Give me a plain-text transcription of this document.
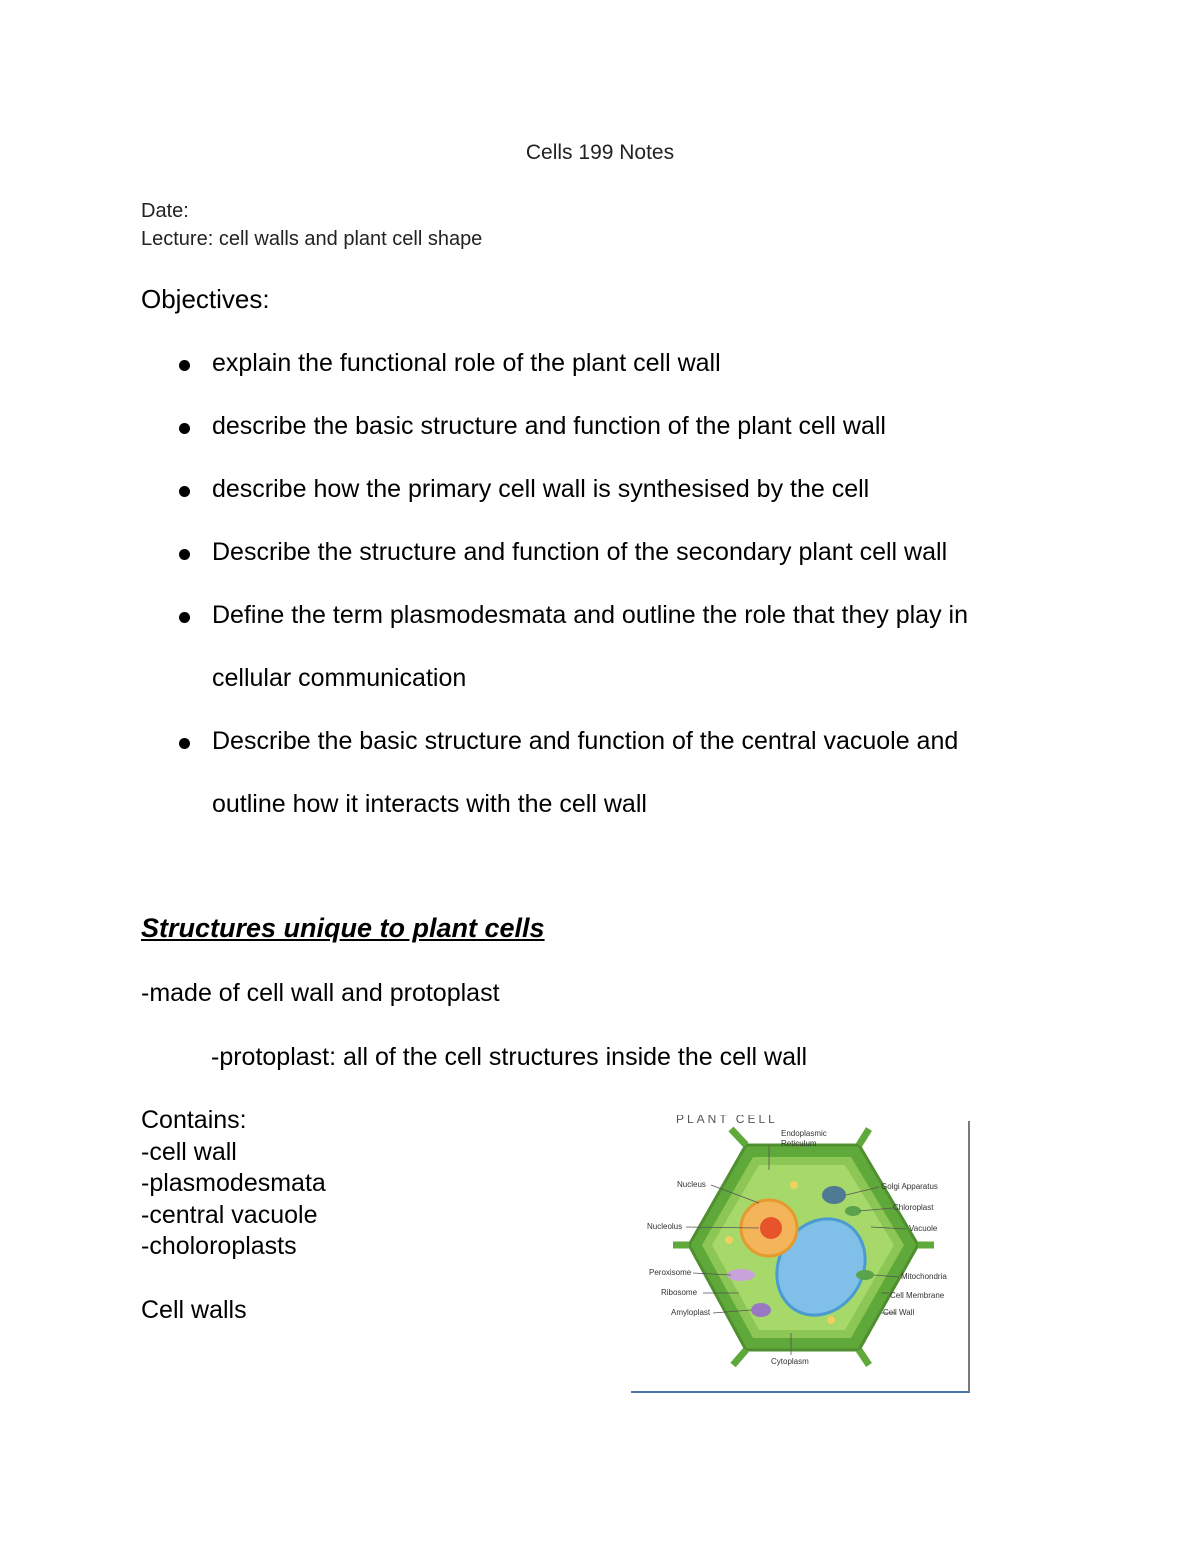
Cells 199 Notes
Date:
Lecture: cell walls and plant cell shape
Objectives:
explain the functional role of the plant cell wall
describe the basic structure and function of the plant cell wall
describe how the primary cell wall is synthesised by the cell
Describe the structure and function of the secondary plant cell wall
Define the term plasmodesmata and outline the role that they play in
cellular communication
Describe the basic structure and function of the central vacuole and
outline how it interacts with the cell wall
Structures unique to plant cells
-made of cell wall and protoplast
-protoplast: all of the cell structures inside the cell wall
Contains:
-cell wall
-plasmodesmata
-central vacuole
-choloroplasts
Cell walls
PLANT CELL
Endoplasmic
Reticulum
Nucleus
Nucleolus
Peroxisome
Ribosome
Amyloplast
Golgi Apparatus
Chloroplast
Vacuole
Mitochondria
Cell Membrane
Cell Wall
Cytoplasm
